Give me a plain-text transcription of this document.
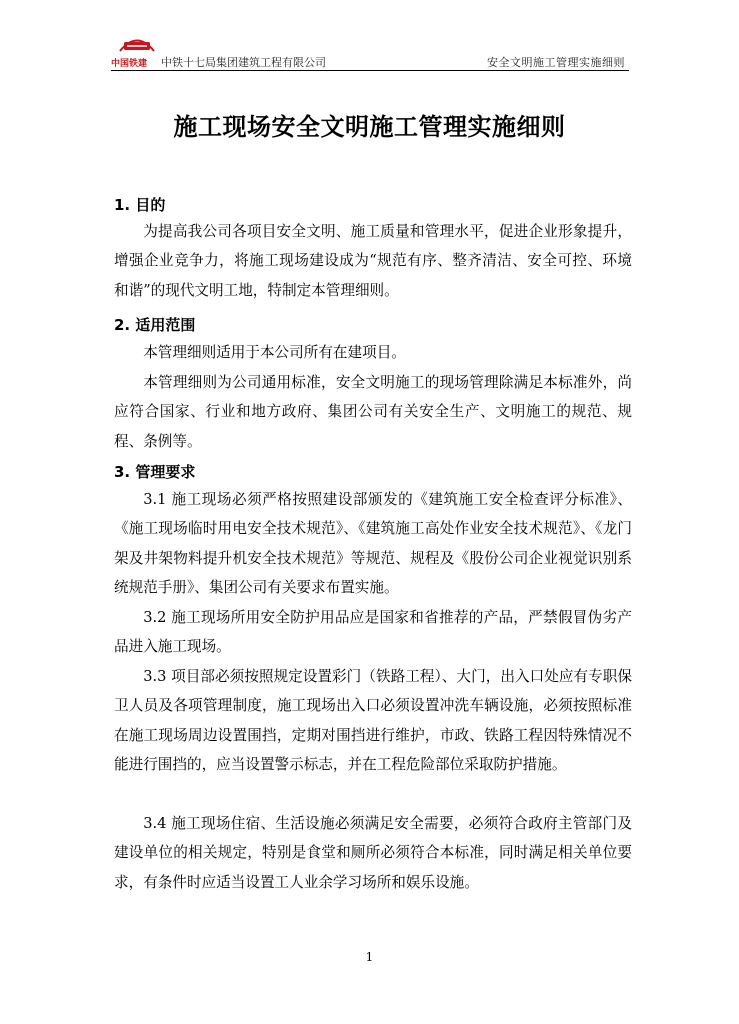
中国铁建 中铁十七局集团建筑工程有限公司	安全文明施工管理实施细则
施工现场安全文明施工管理实施细则
1. 目的
为提高我公司各项目安全文明、施工质量和管理水平，促进企业形象提升，增强企业竞争力，将施工现场建设成为“规范有序、整齐清洁、安全可控、环境和谐”的现代文明工地，特制定本管理细则。
2. 适用范围
本管理细则适用于本公司所有在建项目。
本管理细则为公司通用标准，安全文明施工的现场管理除满足本标准外，尚应符合国家、行业和地方政府、集团公司有关安全生产、文明施工的规范、规程、条例等。
3. 管理要求
3.1 施工现场必须严格按照建设部颁发的《建筑施工安全检查评分标准》、《施工现场临时用电安全技术规范》、《建筑施工高处作业安全技术规范》、《龙门架及井架物料提升机安全技术规范》等规范、规程及《股份公司企业视觉识别系统规范手册》、集团公司有关要求布置实施。
3.2 施工现场所用安全防护用品应是国家和省推荐的产品，严禁假冒伪劣产品进入施工现场。
3.3 项目部必须按照规定设置彩门（铁路工程）、大门，出入口处应有专职保卫人员及各项管理制度，施工现场出入口必须设置冲洗车辆设施，必须按照标准在施工现场周边设置围挡，定期对围挡进行维护，市政、铁路工程因特殊情况不能进行围挡的，应当设置警示标志，并在工程危险部位采取防护措施。
3.4 施工现场住宿、生活设施必须满足安全需要，必须符合政府主管部门及建设单位的相关规定，特别是食堂和厕所必须符合本标准，同时满足相关单位要求，有条件时应适当设置工人业余学习场所和娱乐设施。
1
